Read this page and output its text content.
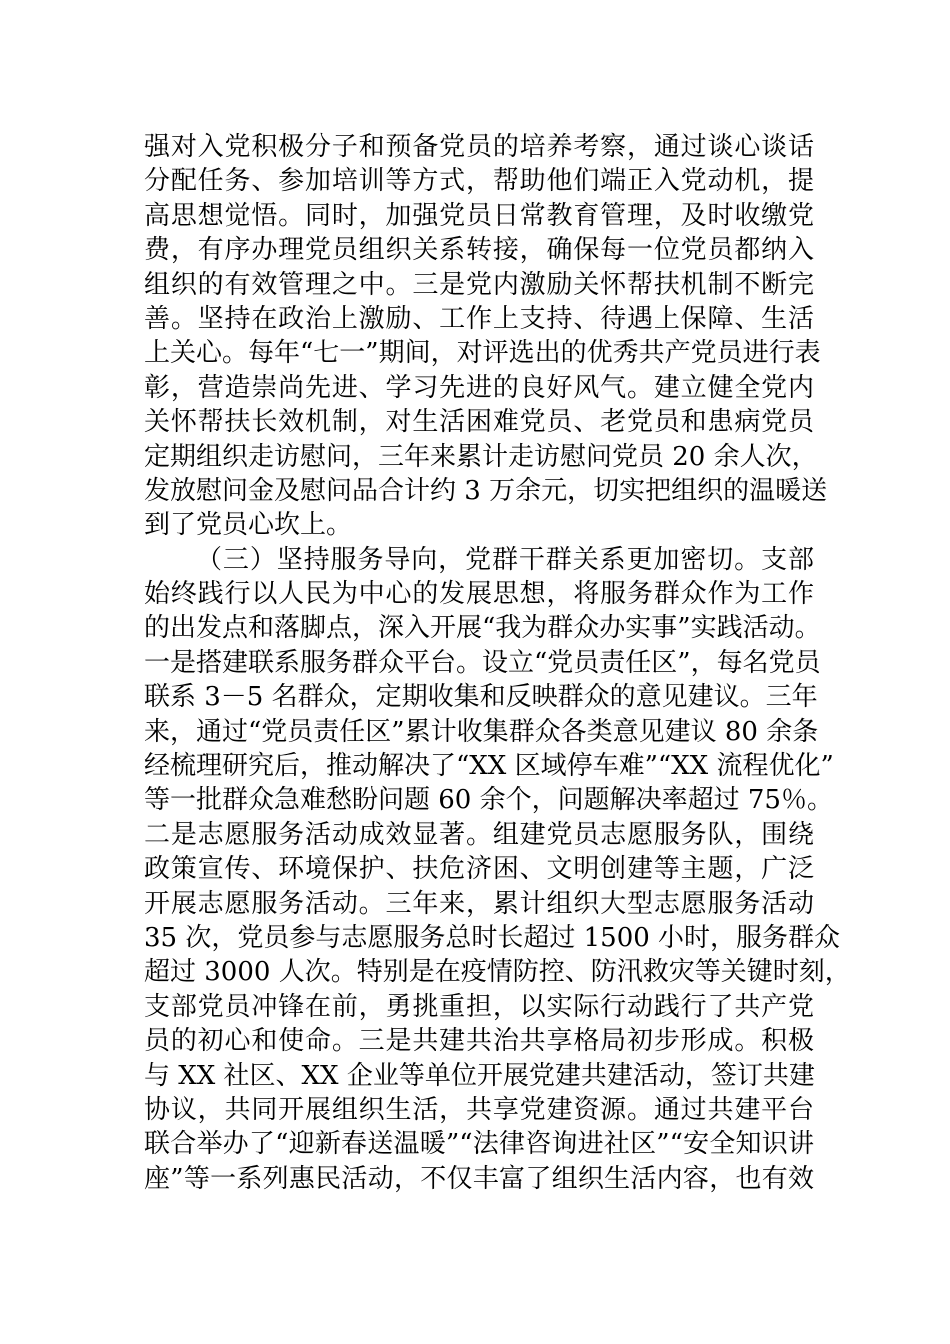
强对入党积极分子和预备党员的培养考察，通过谈心谈话
分配任务、参加培训等方式，帮助他们端正入党动机，提
高思想觉悟。同时，加强党员日常教育管理，及时收缴党
费，有序办理党员组织关系转接，确保每一位党员都纳入
组织的有效管理之中。三是党内激励关怀帮扶机制不断完
善。坚持在政治上激励、工作上支持、待遇上保障、生活
上关心。每年“七一”期间，对评选出的优秀共产党员进行表
彰，营造崇尚先进、学习先进的良好风气。建立健全党内
关怀帮扶长效机制，对生活困难党员、老党员和患病党员
定期组织走访慰问，三年来累计走访慰问党员 20 余人次，
发放慰问金及慰问品合计约 3 万余元，切实把组织的温暖送
到了党员心坎上。
（三）坚持服务导向，党群干群关系更加密切。支部
始终践行以人民为中心的发展思想，将服务群众作为工作
的出发点和落脚点，深入开展“我为群众办实事”实践活动。
一是搭建联系服务群众平台。设立“党员责任区”，每名党员
联系 3－5 名群众，定期收集和反映群众的意见建议。三年
来，通过“党员责任区”累计收集群众各类意见建议 80 余条
经梳理研究后，推动解决了“XX 区域停车难”“XX 流程优化”
等一批群众急难愁盼问题 60 余个，问题解决率超过 75％。
二是志愿服务活动成效显著。组建党员志愿服务队，围绕
政策宣传、环境保护、扶危济困、文明创建等主题，广泛
开展志愿服务活动。三年来，累计组织大型志愿服务活动
35 次，党员参与志愿服务总时长超过 1500 小时，服务群众
超过 3000 人次。特别是在疫情防控、防汛救灾等关键时刻，
支部党员冲锋在前，勇挑重担，以实际行动践行了共产党
员的初心和使命。三是共建共治共享格局初步形成。积极
与 XX 社区、XX 企业等单位开展党建共建活动，签订共建
协议，共同开展组织生活，共享党建资源。通过共建平台
联合举办了“迎新春送温暖”“法律咨询进社区”“安全知识讲
座”等一系列惠民活动，不仅丰富了组织生活内容，也有效
